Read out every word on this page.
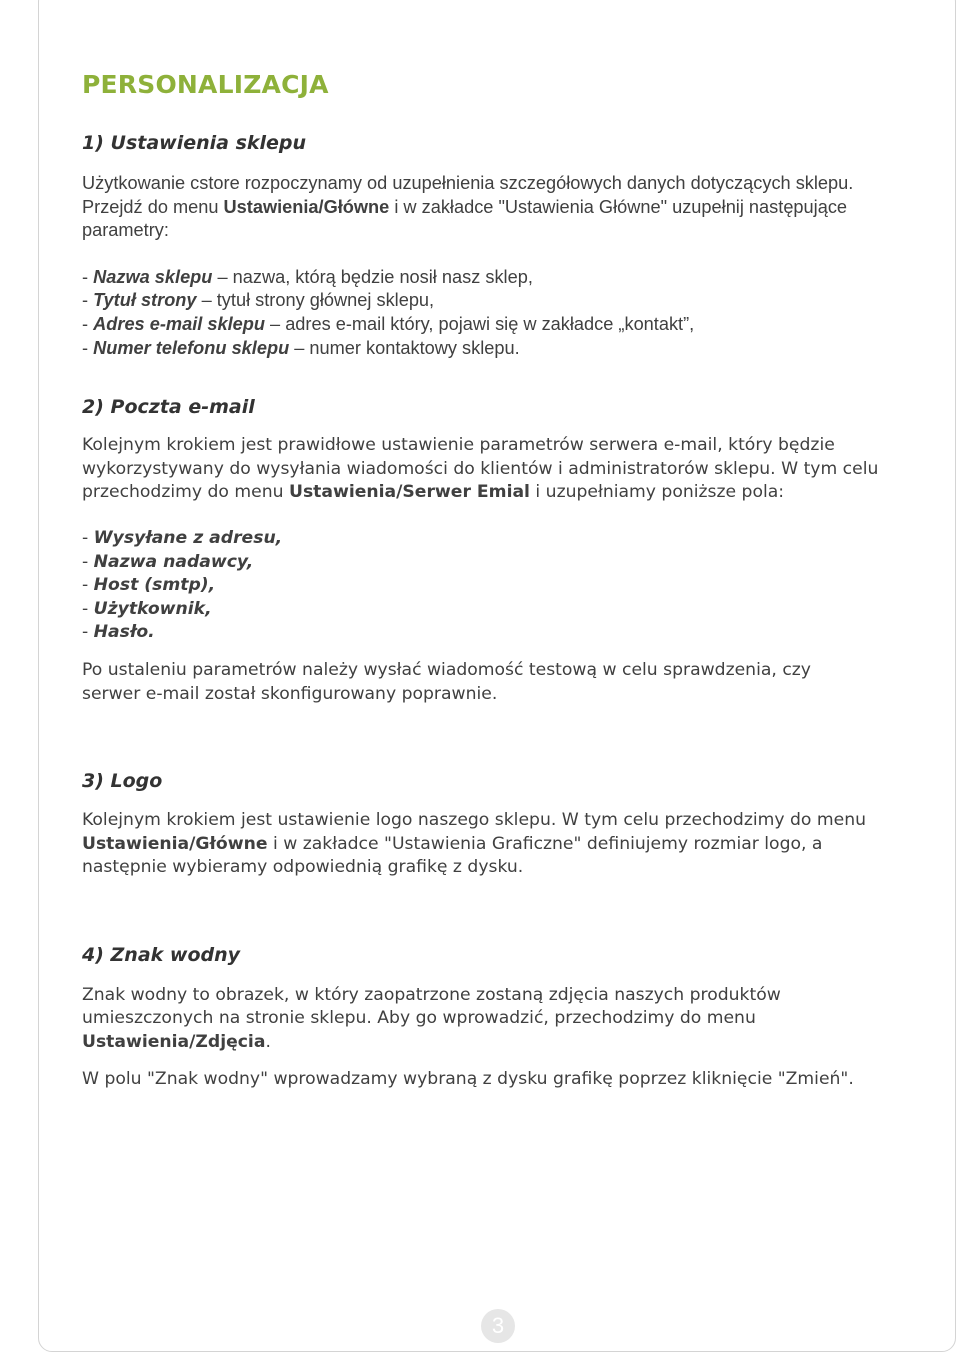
PERSONALIZACJA
1) Ustawienia sklepu

Użytkowanie cstore rozpoczynamy od uzupełnienia szczegółowych danych dotyczących sklepu. Przejdź do menu Ustawienia/Główne i w zakładce "Ustawienia Główne" uzupełnij następujące parametry:

- Nazwa sklepu – nazwa, którą będzie nosił nasz sklep,
- Tytuł strony – tytuł strony głównej sklepu,
- Adres e-mail sklepu – adres e-mail który, pojawi się w zakładce „kontakt”,
- Numer telefonu sklepu – numer kontaktowy sklepu.
2) Poczta e-mail

Kolejnym krokiem jest prawidłowe ustawienie parametrów serwera e-mail, który będzie wykorzystywany do wysyłania wiadomości do klientów i administratorów sklepu. W tym celu przechodzimy do menu Ustawienia/Serwer Emial i uzupełniamy poniższe pola:

- Wysyłane z adresu,
- Nazwa nadawcy,
- Host (smtp),
- Użytkownik,
- Hasło.

Po ustaleniu parametrów należy wysłać wiadomość testową w celu sprawdzenia, czy serwer e-mail został skonfigurowany poprawnie.

3) Logo

Kolejnym krokiem jest ustawienie logo naszego sklepu. W tym celu przechodzimy do menu Ustawienia/Główne i w zakładce "Ustawienia Graficzne" definiujemy rozmiar logo, a następnie wybieramy odpowiednią grafikę z dysku.

4) Znak wodny

Znak wodny to obrazek, w który zaopatrzone zostaną zdjęcia naszych produktów umieszczonych na stronie sklepu. Aby go wprowadzić, przechodzimy do menu Ustawienia/Zdjęcia.

W polu "Znak wodny" wprowadzamy wybraną z dysku grafikę poprzez kliknięcie "Zmień".

3
